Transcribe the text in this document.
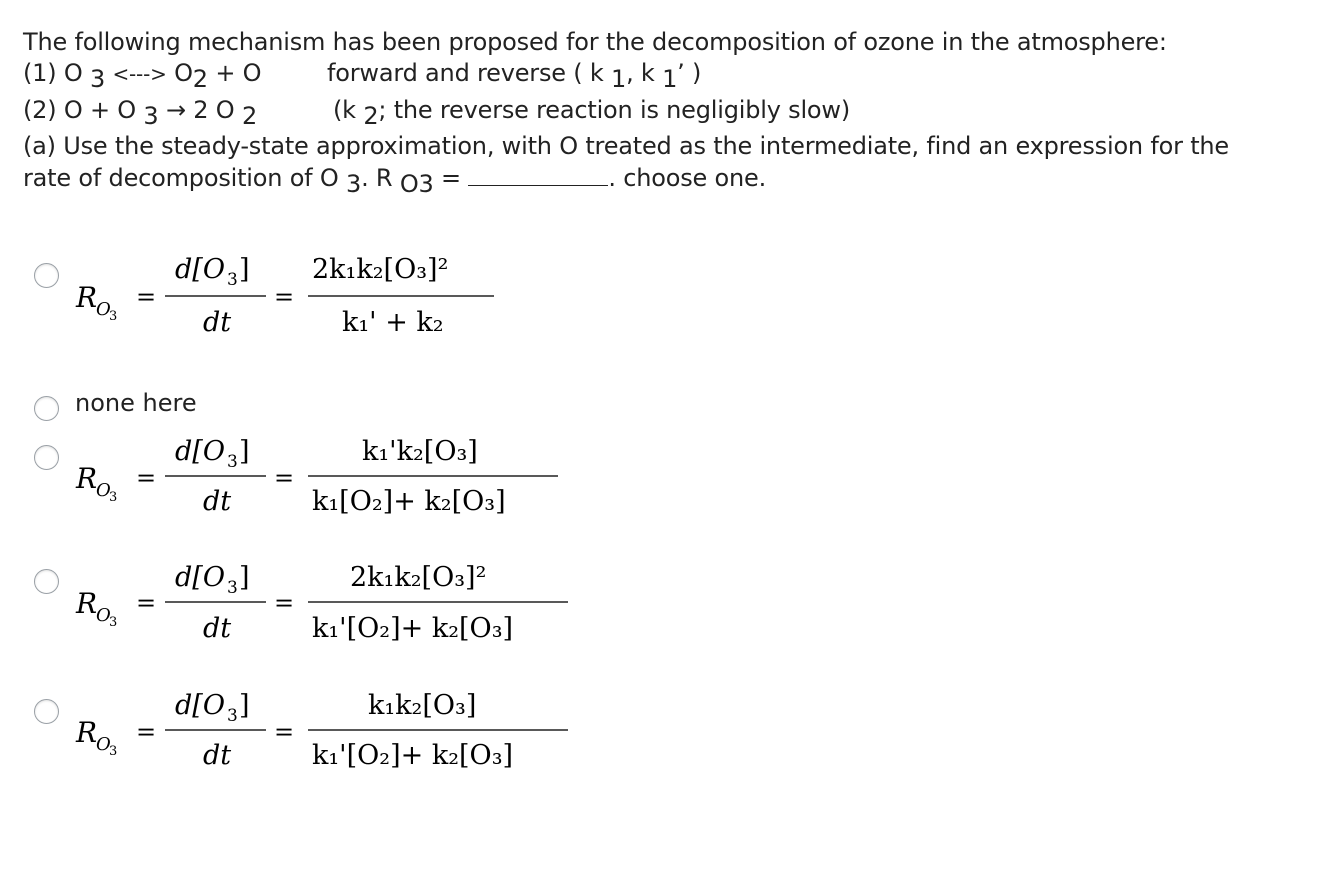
The following mechanism has been proposed for the decomposition of ozone in the atmosphere:
(1) O 3 <---> O2 + O	forward and reverse ( k 1, k 1’ )
(2) O + O 3 → 2 O 2	(k 2; the reverse reaction is negligibly slow)
(a) Use the steady-state approximation, with O treated as the intermediate, find an expression for the
rate of decomposition of O 3. R O3 =	. choose one.
R
O
3
=
d[O 3 ]
dt
=
2k₁k₂[O₃]²
k₁' + k₂
none here
R
O
3
=
d[O 3 ]
dt
=
k₁'k₂[O₃]
k₁[O₂]+ k₂[O₃]
R
O
3
=
d[O 3 ]
dt
=
2k₁k₂[O₃]²
k₁'[O₂]+ k₂[O₃]
R
O
3
=
d[O 3 ]
dt
=
k₁k₂[O₃]
k₁'[O₂]+ k₂[O₃]
